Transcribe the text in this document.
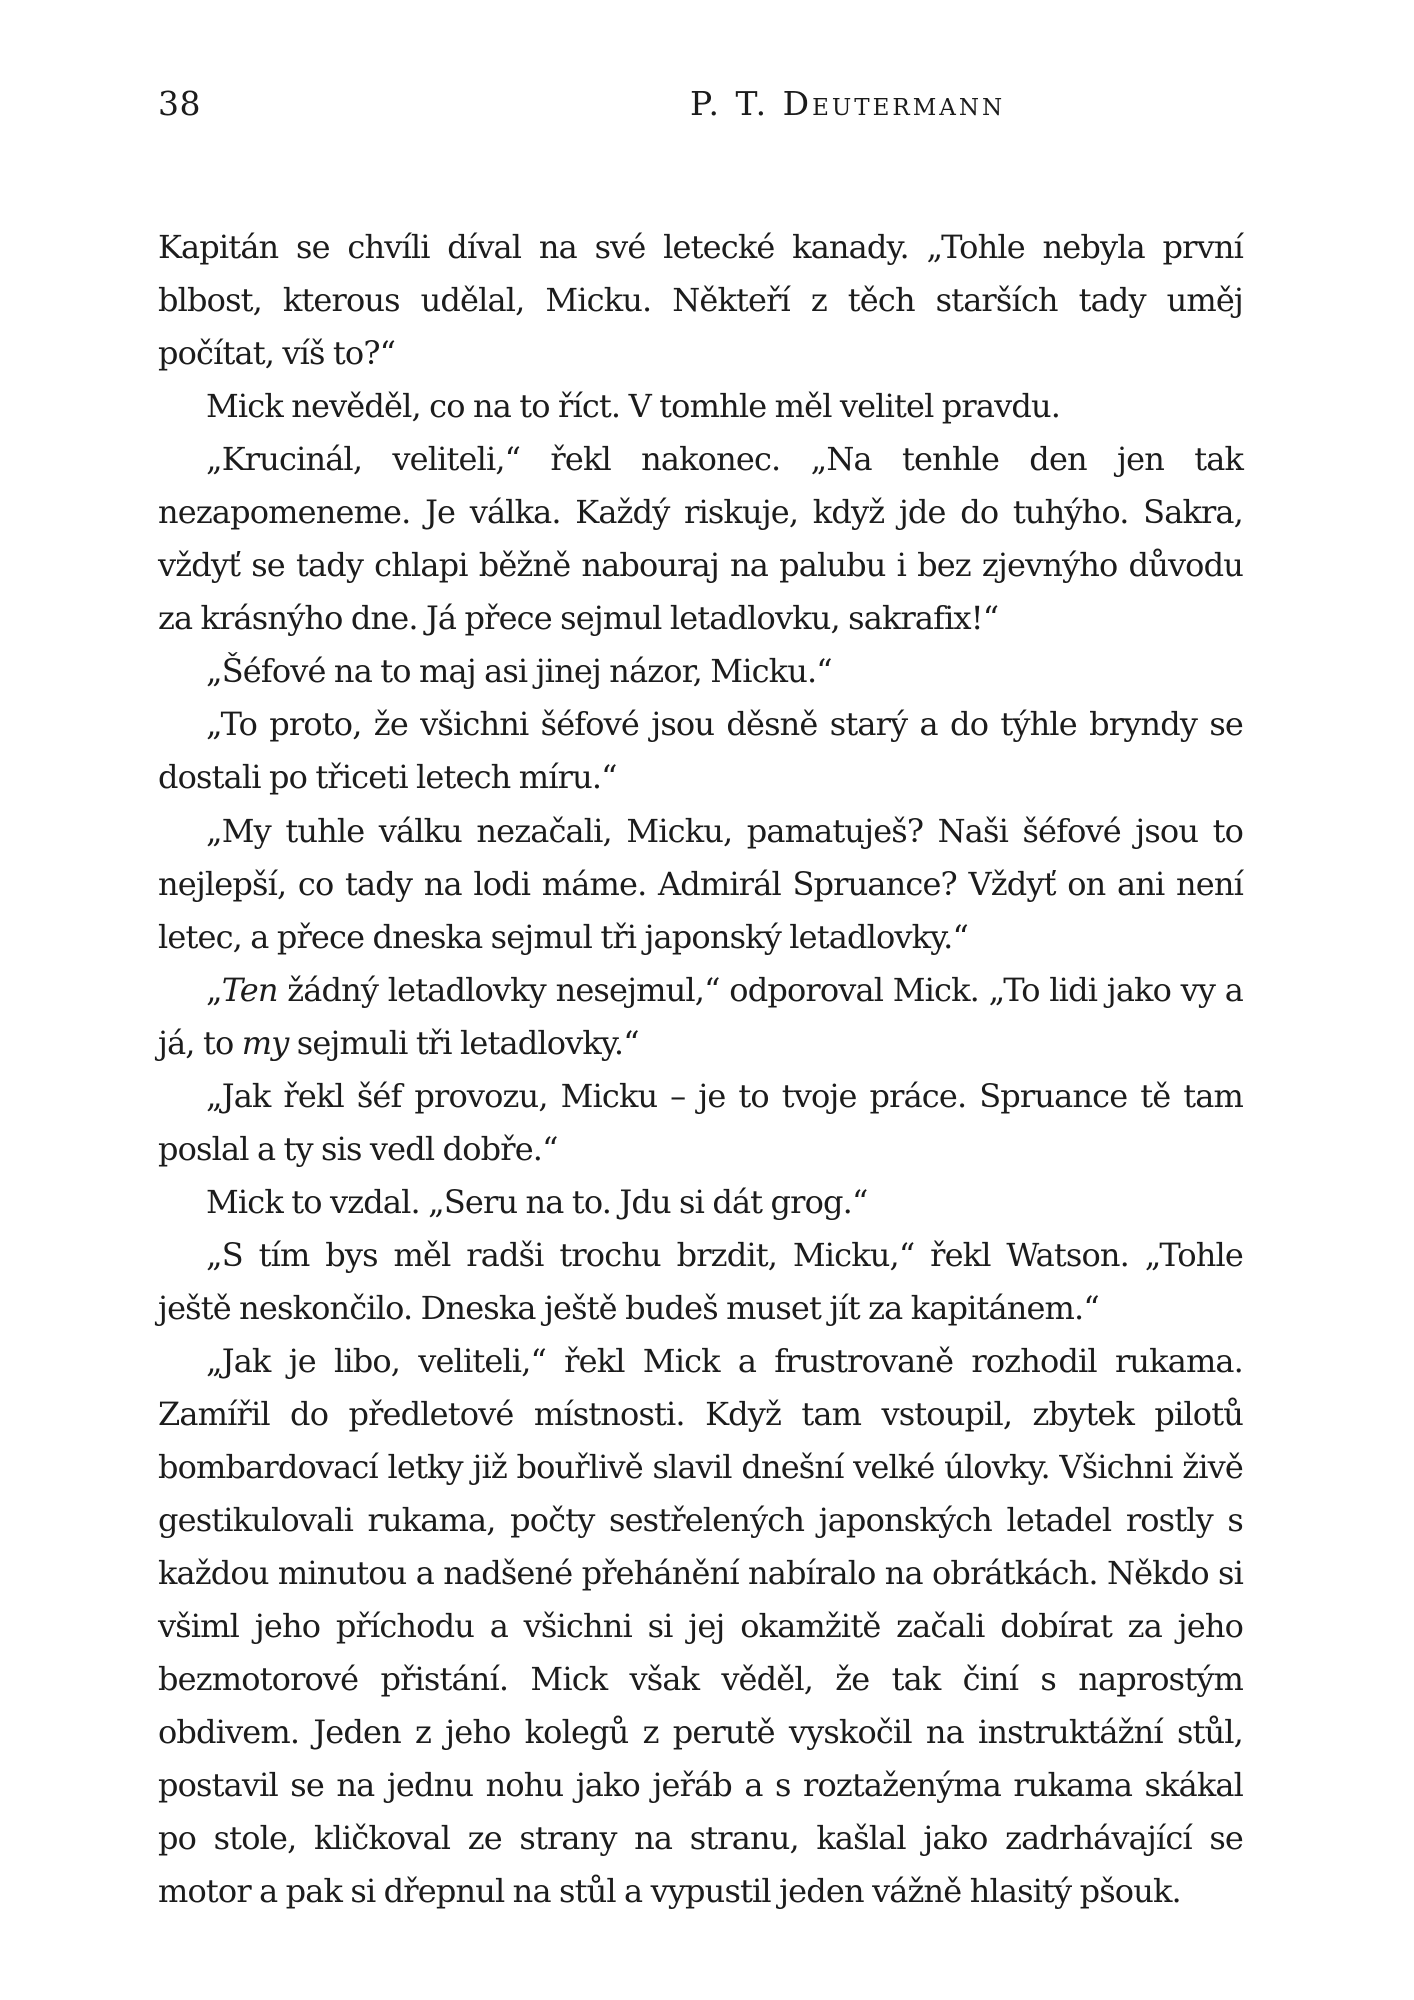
38	P. T. Deutermann

Kapitán se chvíli díval na své letecké kanady. „Tohle nebyla první blbost, kterous udělal, Micku. Někteří z těch starších tady uměj počítat, víš to?“

Mick nevěděl, co na to říct. V tomhle měl velitel pravdu.

„Krucinál, veliteli,“ řekl nakonec. „Na tenhle den jen tak nezapomeneme. Je válka. Každý riskuje, když jde do tuhýho. Sakra, vždyť se tady chlapi běžně nabouraj na palubu i bez zjevnýho důvodu za krásnýho dne. Já přece sejmul letadlovku, sakrafix!“

„Šéfové na to maj asi jinej názor, Micku.“

„To proto, že všichni šéfové jsou děsně starý a do týhle bryndy se dostali po třiceti letech míru.“

„My tuhle válku nezačali, Micku, pamatuješ? Naši šéfové jsou to nejlepší, co tady na lodi máme. Admirál Spruance? Vždyť on ani není letec, a přece dneska sejmul tři japonský letadlovky.“

„Ten žádný letadlovky nesejmul,“ odporoval Mick. „To lidi jako vy a já, to my sejmuli tři letadlovky.“

„Jak řekl šéf provozu, Micku – je to tvoje práce. Spruance tě tam poslal a ty sis vedl dobře.“

Mick to vzdal. „Seru na to. Jdu si dát grog.“

„S tím bys měl radši trochu brzdit, Micku,“ řekl Watson. „Tohle ještě neskončilo. Dneska ještě budeš muset jít za kapitánem.“

„Jak je libo, veliteli,“ řekl Mick a frustrovaně rozhodil rukama. Zamířil do předletové místnosti. Když tam vstoupil, zbytek pilotů bombardovací letky již bouřlivě slavil dnešní velké úlovky. Všichni živě gestikulovali rukama, počty sestřelených japonských letadel rostly s každou minutou a nadšené přehánění nabíralo na obrátkách. Někdo si všiml jeho příchodu a všichni si jej okamžitě začali dobírat za jeho bezmotorové přistání. Mick však věděl, že tak činí s naprostým obdivem. Jeden z jeho kolegů z perutě vyskočil na instruktážní stůl, postavil se na jednu nohu jako jeřáb a s roztaženýma rukama skákal po stole, kličkoval ze strany na stranu, kašlal jako zadrhávající se motor a pak si dřepnul na stůl a vypustil jeden vážně hlasitý pšouk.
